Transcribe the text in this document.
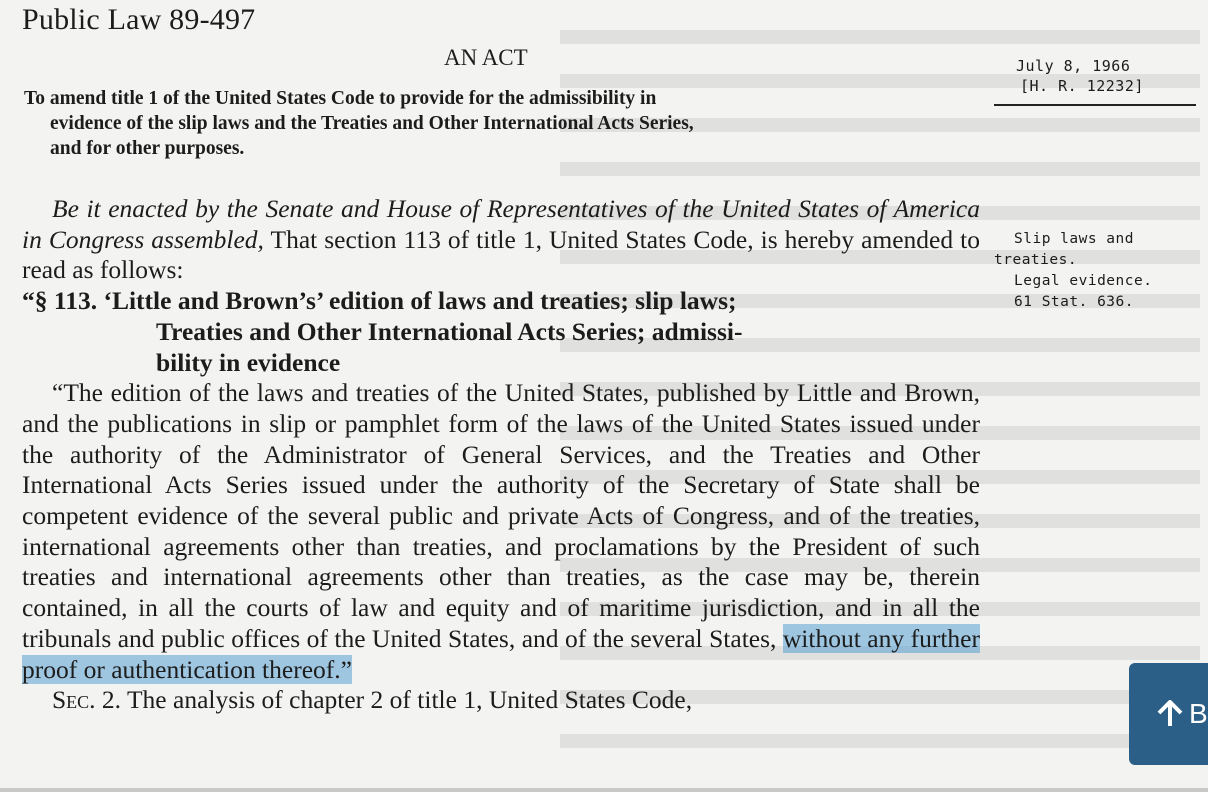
Public Law 89-497
AN ACT
To amend title 1 of the United States Code to provide for the admissibility in
evidence of the slip laws and the Treaties and Other International Acts Series,
and for other purposes.
July 8, 1966
[H. R. 12232]
Slip laws and
treaties.
Legal evidence.
61 Stat. 636.

Be it enacted by the Senate and House of Representatives of the United States of America in Congress assembled, That section 113 of title 1, United States Code, is hereby amended to read as follows:

“§ 113. ‘Little and Brown’s’ edition of laws and treaties; slip laws;
Treaties and Other International Acts Series; admissi-
bility in evidence

“The edition of the laws and treaties of the United States, published by Little and Brown, and the publications in slip or pamphlet form of the laws of the United States issued under the authority of the Administrator of General Services, and the Treaties and Other International Acts Series issued under the authority of the Secretary of State shall be competent evidence of the several public and private Acts of Congress, and of the treaties, international agreements other than treaties, and proclamations by the President of such treaties and international agreements other than treaties, as the case may be, therein contained, in all the courts of law and equity and of maritime jurisdiction, and in all the tribunals and public offices of the United States, and of the several States, without any further proof or authentication thereof.”

Sec. 2. The analysis of chapter 2 of title 1, United States Code,	B
